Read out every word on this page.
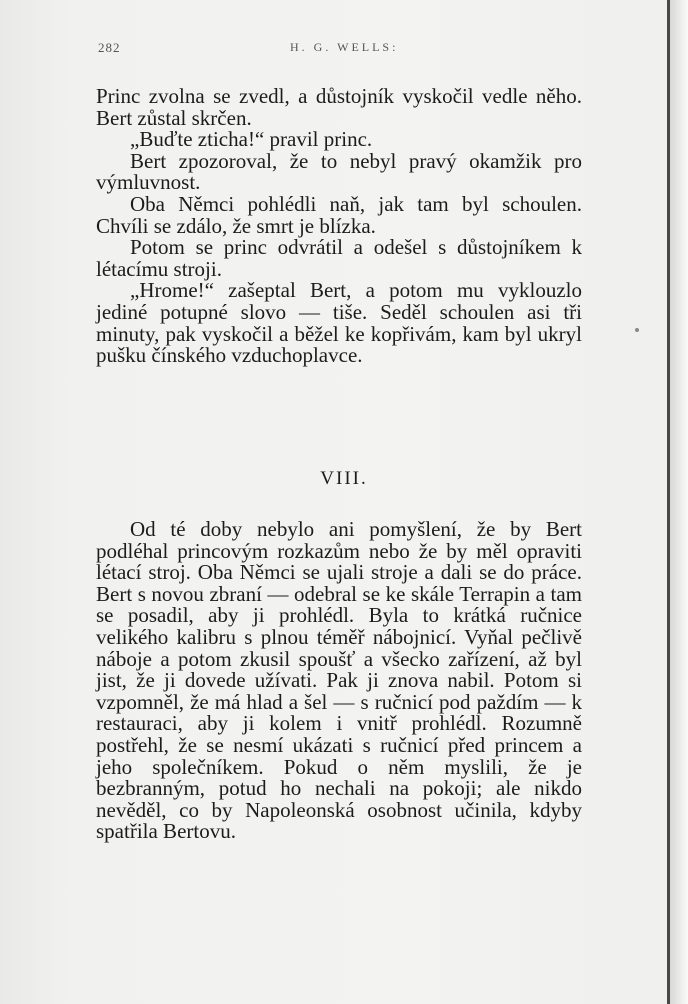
282	H. G. WELLS:

Princ zvolna se zvedl, a důstojník vyskočil vedle něho. Bert zůstal skrčen.

„Buďte zticha!“ pravil princ.

Bert zpozoroval, že to nebyl pravý okamžik pro výmluvnost.

Oba Němci pohlédli naň, jak tam byl schoulen. Chvíli se zdálo, že smrt je blízka.

Potom se princ odvrátil a odešel s důstojníkem k létacímu stroji.

„Hrome!“ zašeptal Bert, a potom mu vyklouzlo jediné potupné slovo — tiše. Seděl schoulen asi tři minuty, pak vyskočil a běžel ke kopřivám, kam byl ukryl pušku čínského vzduchoplavce.

VIII.

Od té doby nebylo ani pomyšlení, že by Bert podléhal princovým rozkazům nebo že by měl opraviti létací stroj. Oba Němci se ujali stroje a dali se do práce. Bert s novou zbraní — odebral se ke skále Terrapin a tam se posadil, aby ji prohlédl. Byla to krátká ručnice velikého kalibru s plnou téměř nábojnicí. Vyňal pečlivě náboje a potom zkusil spoušť a všecko zařízení, až byl jist, že ji dovede užívati. Pak ji znova nabil. Potom si vzpomněl, že má hlad a šel — s ručnicí pod paždím — k restauraci, aby ji kolem i vnitř prohlédl. Rozumně postřehl, že se nesmí ukázati s ručnicí před princem a jeho společníkem. Pokud o něm myslili, že je bezbranným, potud ho nechali na pokoji; ale nikdo nevěděl, co by Napoleonská osobnost učinila, kdyby spatřila Bertovu.
